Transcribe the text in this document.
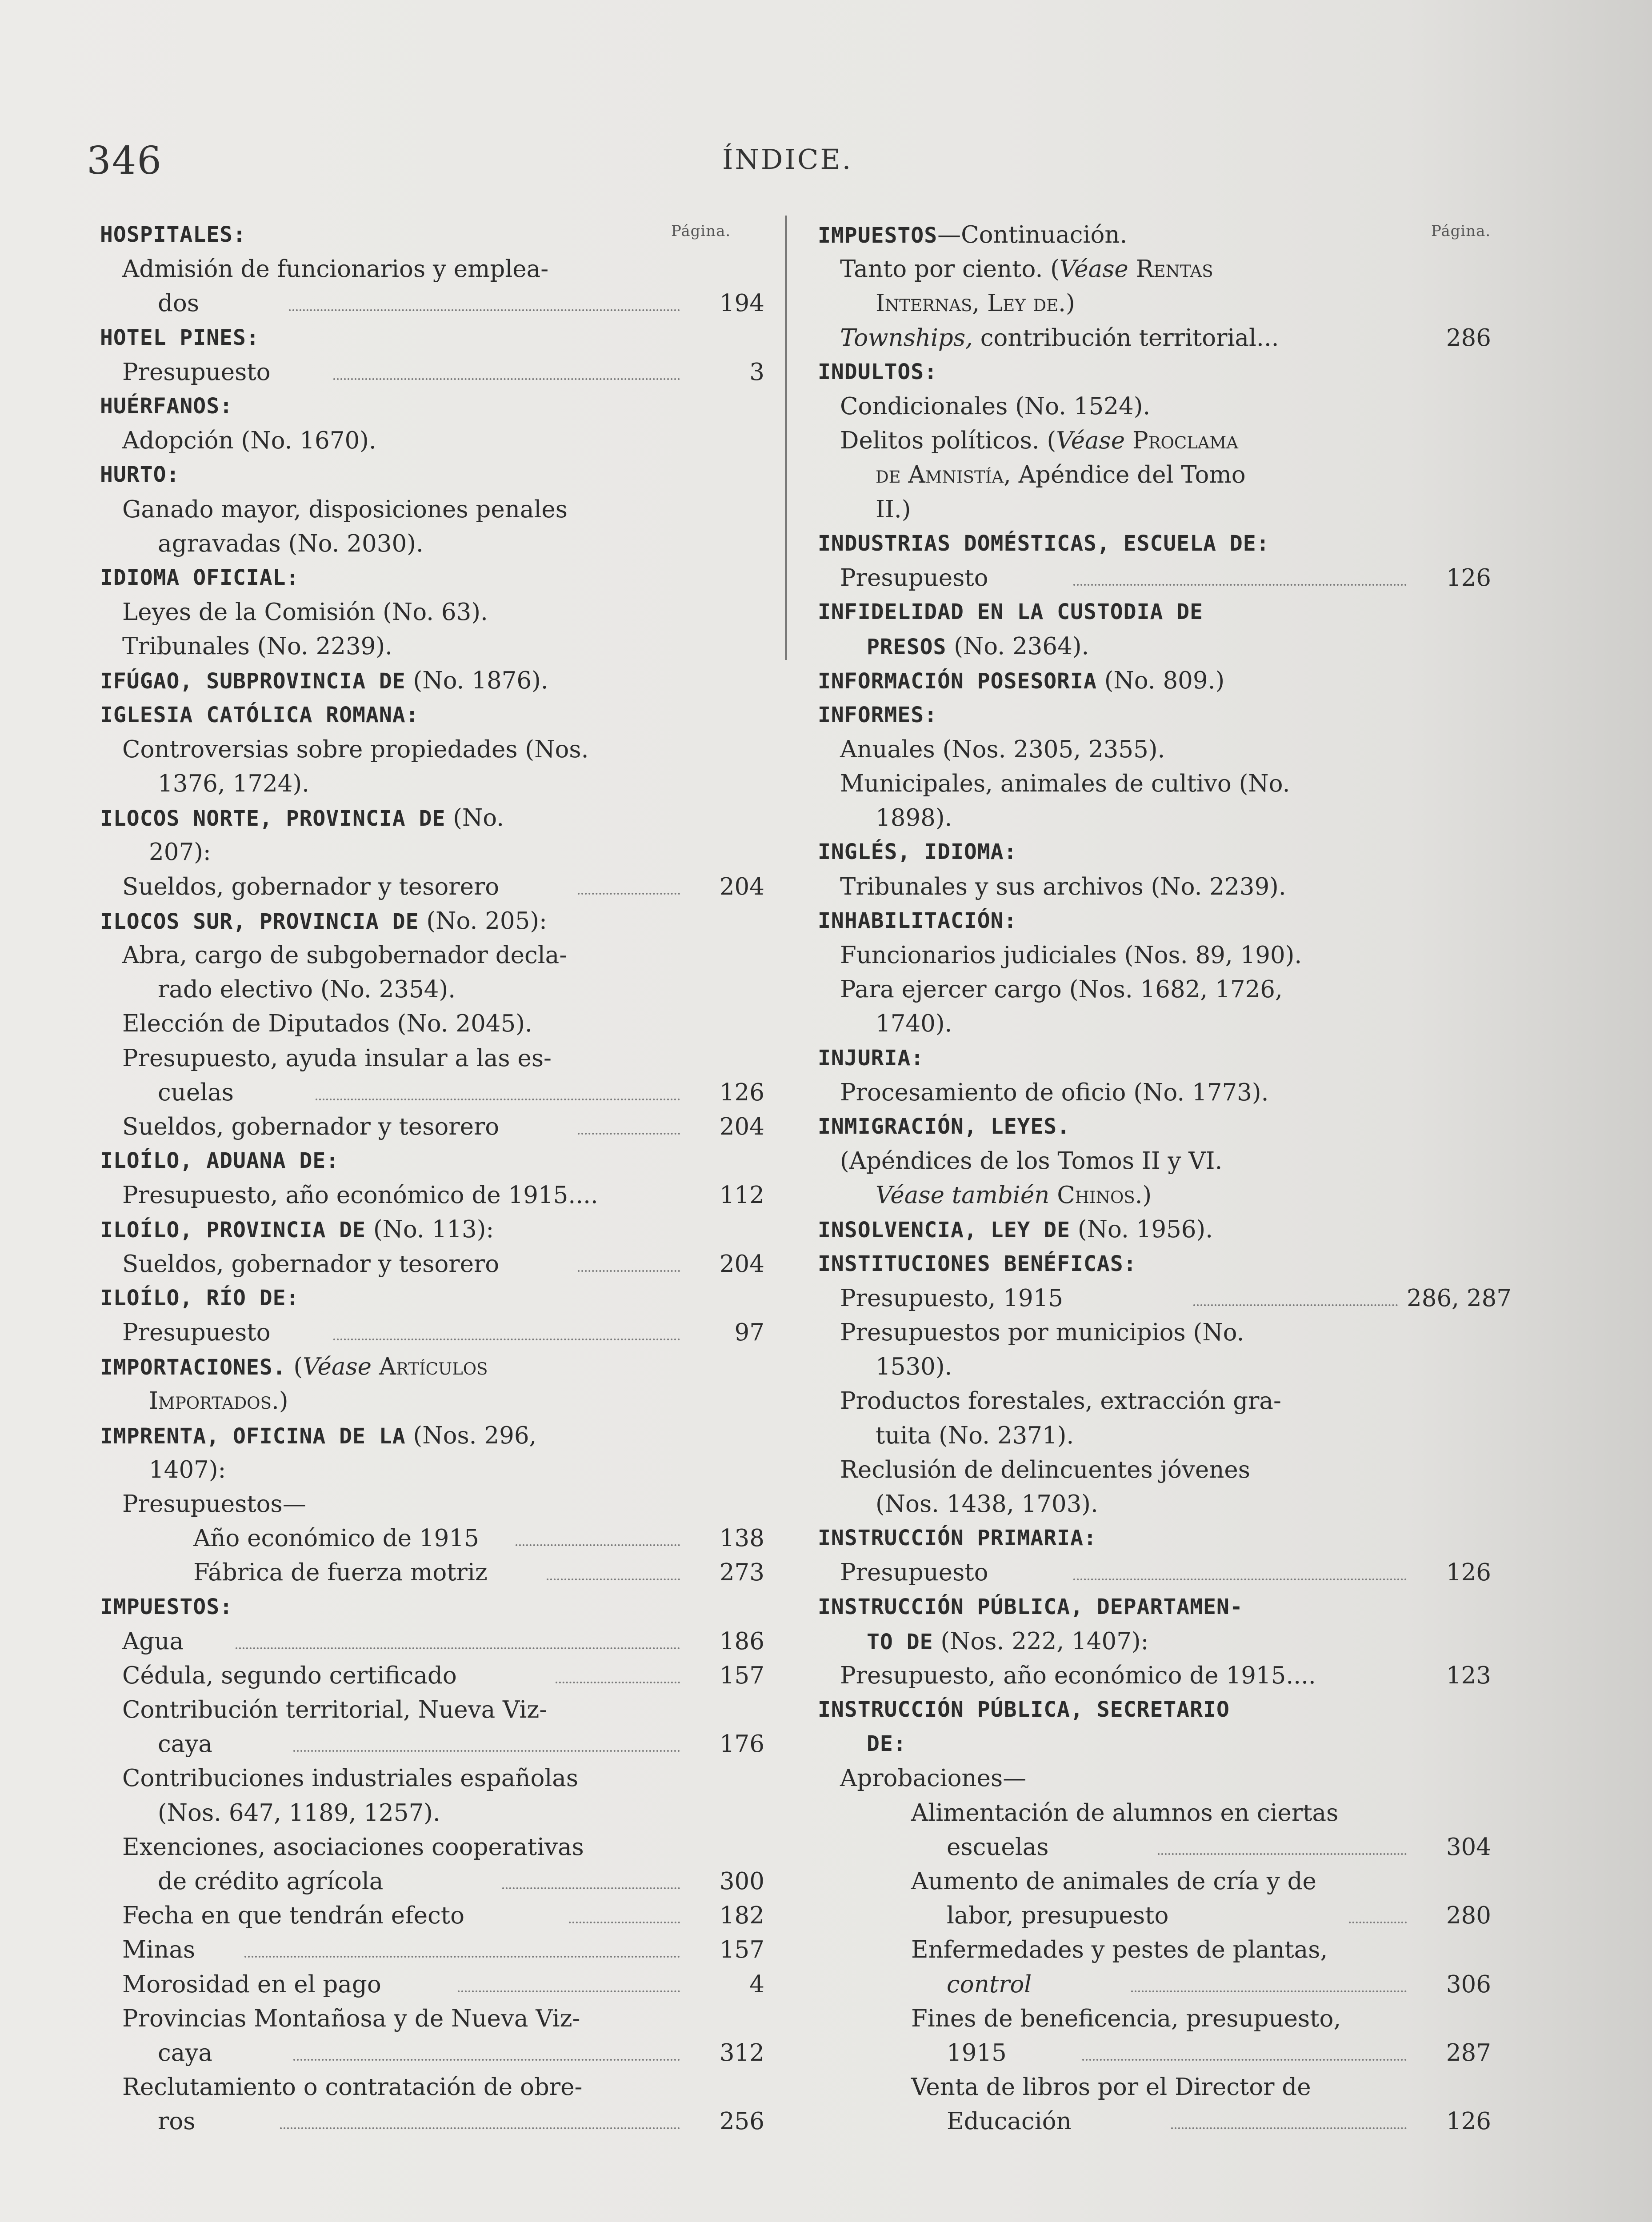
346	ÍNDICE.
Página.	Página.
HOSPITALES:
Admisión de funcionarios y emplea-
dos	194
HOTEL PINES:
Presupuesto	3
HUÉRFANOS:
Adopción (No. 1670).
HURTO:
Ganado mayor, disposiciones penales
agravadas (No. 2030).
IDIOMA OFICIAL:
Leyes de la Comisión (No. 63).
Tribunales (No. 2239).
IFÚGAO, SUBPROVINCIA DE (No. 1876).
IGLESIA CATÓLICA ROMANA:
Controversias sobre propiedades (Nos.
1376, 1724).
ILOCOS NORTE, PROVINCIA DE (No.
207):
Sueldos, gobernador y tesorero	204
ILOCOS SUR, PROVINCIA DE (No. 205):
Abra, cargo de subgobernador decla-
rado electivo (No. 2354).
Elección de Diputados (No. 2045).
Presupuesto, ayuda insular a las es-
cuelas	126
Sueldos, gobernador y tesorero	204
ILOÍLO, ADUANA DE:
Presupuesto, año económico de 1915....	112
ILOÍLO, PROVINCIA DE (No. 113):
Sueldos, gobernador y tesorero	204
ILOÍLO, RÍO DE:
Presupuesto	97
IMPORTACIONES. (Véase Artículos
Importados.)
IMPRENTA, OFICINA DE LA (Nos. 296,
1407):
Presupuestos—
Año económico de 1915	138
Fábrica de fuerza motriz	273
IMPUESTOS:
Agua	186
Cédula, segundo certificado	157
Contribución territorial, Nueva Viz-
caya	176
Contribuciones industriales españolas
(Nos. 647, 1189, 1257).
Exenciones, asociaciones cooperativas
de crédito agrícola	300
Fecha en que tendrán efecto	182
Minas	157
Morosidad en el pago	4
Provincias Montañosa y de Nueva Viz-
caya	312
Reclutamiento o contratación de obre-
ros	256
IMPUESTOS—Continuación.
Tanto por ciento. (Véase Rentas
Internas, Ley de.)
Townships, contribución territorial...	286
INDULTOS:
Condicionales (No. 1524).
Delitos políticos. (Véase Proclama
de Amnistía, Apéndice del Tomo
II.)
INDUSTRIAS DOMÉSTICAS, ESCUELA DE:
Presupuesto	126
INFIDELIDAD EN LA CUSTODIA DE
PRESOS (No. 2364).
INFORMACIÓN POSESORIA (No. 809.)
INFORMES:
Anuales (Nos. 2305, 2355).
Municipales, animales de cultivo (No.
1898).
INGLÉS, IDIOMA:
Tribunales y sus archivos (No. 2239).
INHABILITACIÓN:
Funcionarios judiciales (Nos. 89, 190).
Para ejercer cargo (Nos. 1682, 1726,
1740).
INJURIA:
Procesamiento de oficio (No. 1773).
INMIGRACIÓN, LEYES.
(Apéndices de los Tomos II y VI.
Véase también Chinos.)
INSOLVENCIA, LEY DE (No. 1956).
INSTITUCIONES BENÉFICAS:
Presupuesto, 1915	286, 287
Presupuestos por municipios (No.
1530).
Productos forestales, extracción gra-
tuita (No. 2371).
Reclusión de delincuentes jóvenes
(Nos. 1438, 1703).
INSTRUCCIÓN PRIMARIA:
Presupuesto	126
INSTRUCCIÓN PÚBLICA, DEPARTAMEN-
TO DE (Nos. 222, 1407):
Presupuesto, año económico de 1915....	123
INSTRUCCIÓN PÚBLICA, SECRETARIO
DE:
Aprobaciones—
Alimentación de alumnos en ciertas
escuelas	304
Aumento de animales de cría y de
labor, presupuesto	280
Enfermedades y pestes de plantas,
control	306
Fines de beneficencia, presupuesto,
1915	287
Venta de libros por el Director de
Educación	126
